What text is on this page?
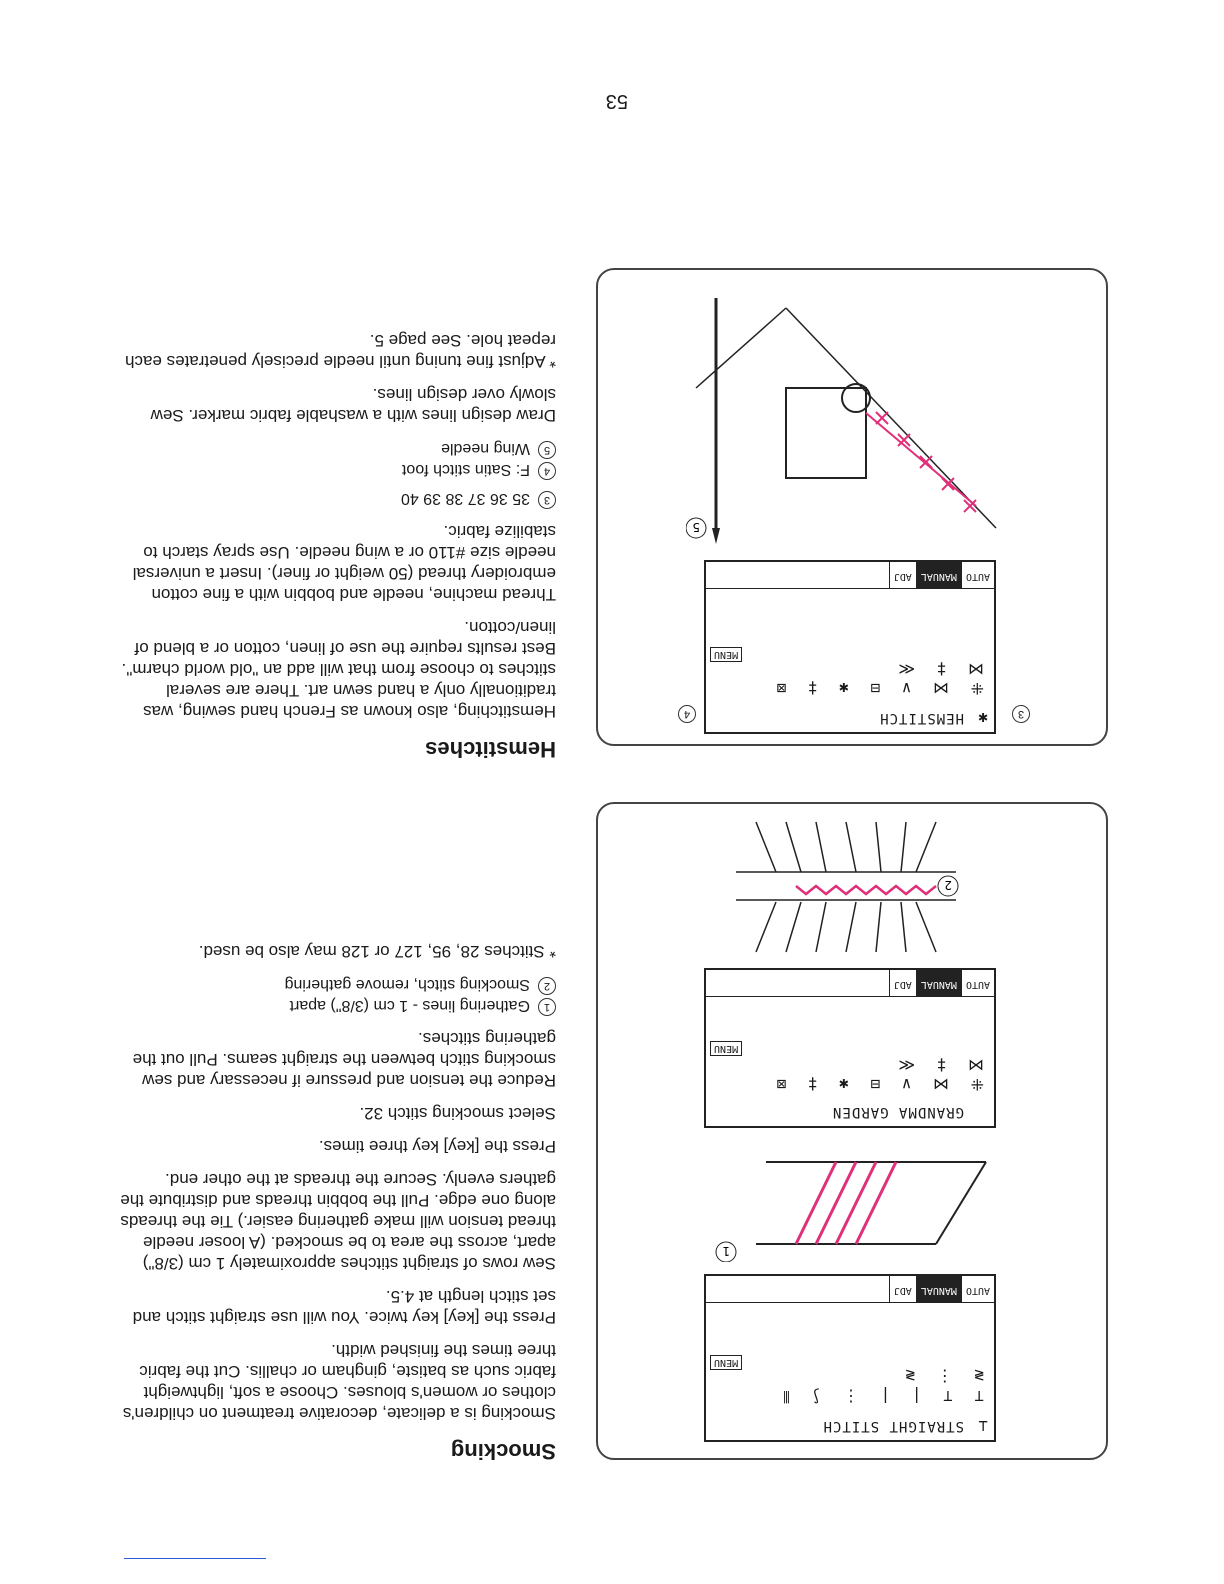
53
Smocking

Smocking is a delicate, decorative treatment on children's clothes or women's blouses. Choose a soft, lightweight fabric such as batiste, gingham or challis. Cut the fabric three times the finished width.

Press the [key] key twice. You will use straight stitch and set stitch length at 4.5.

Sew rows of straight stitches approximately 1 cm (3/8") apart, across the area to be smocked. (A looser needle thread tension will make gathering easier.) Tie the threads along one edge. Pull the bobbin threads and distribute the gathers evenly. Secure the threads at the other end.

Press the [key] key three times.

Select smocking stitch 32.

Reduce the tension and pressure if necessary and sew smocking stitch between the straight seams. Pull out the gathering stitches.

1
Gathering lines - 1 cm (3/8") apart
2
Smocking stitch, remove gathering

* Stitches 28, 95, 127 or 128 may also be used.

⊥
STRAIGHT STITCH
⊤ ⊤ | | ⋮ ⟆ ⦀ ≷ ⋮ ≷
MENU
AUTO
MANUAL
ADJ
1
GRANDMA GARDEN
⁜ ⋈ ∨ ⊟ ✱ ‡ ⊠ ⋈ ‡ ≪
MENU
AUTO
MANUAL
ADJ
2
Hemstitches

Hemstitching, also known as French hand sewing, was traditionally only a hand sewn art. There are several stitches to choose from that will add an "old world charm". Best results require the use of linen, cotton or a blend of linen/cotton.

Thread machine, needle and bobbin with a fine cotton embroidery thread (50 weight or finer). Insert a universal needle size #110 or a wing needle. Use spray starch to stabilize fabric.

3
35 36 37 38 39 40
4
F: Satin stitch foot
5
Wing needle

Draw design lines with a washable fabric marker. Sew slowly over design lines.

* Adjust fine tuning until needle precisely penetrates each repeat hole. See page 5.

✱
HEMSTITCH
⁜ ⋈ ∨ ⊟ ✱ ‡ ⊠ ⋈ ‡ ≪
MENU
AUTO
MANUAL
ADJ
3
4
5
